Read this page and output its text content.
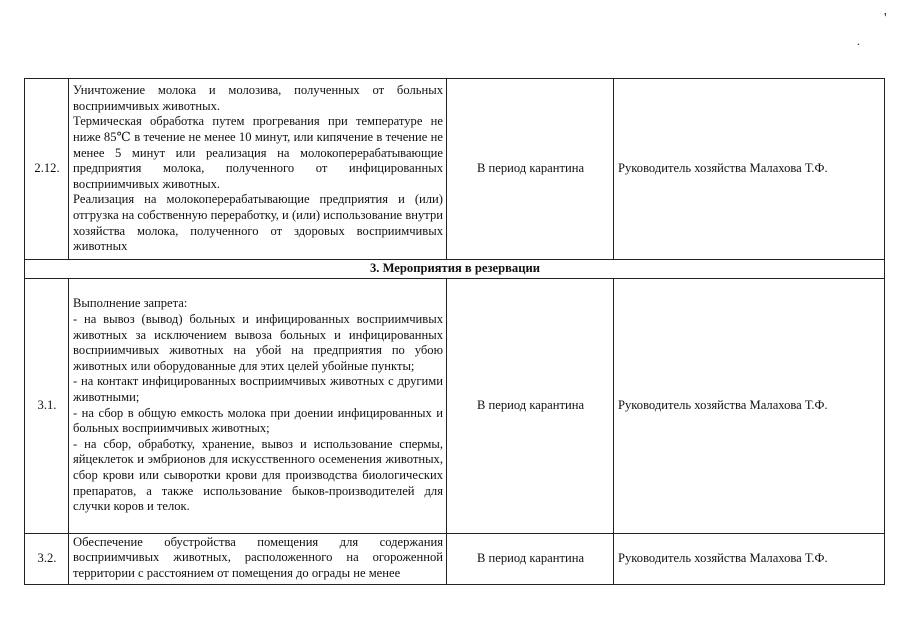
'
.
2.12.	Уничтожение молока и молозива, полученных от больных восприимчивых животных.

Термическая обработка путем прогревания при температуре не ниже 85℃ в течение не менее 10 минут, или кипячение в течение не менее 5 минут или реализация на молокоперерабатывающие предприятия молока, полученного от инфицированных восприимчивых животных.

Реализация на молокоперерабатывающие предприятия и (или) отгрузка на собственную переработку, и (или) использование внутри хозяйства молока, полученного от здоровых восприимчивых животных	В период карантина	Руководитель хозяйства Малахова Т.Ф.
3. Мероприятия в резервации			
3.1.	Выполнение запрета:

- на вывоз (вывод) больных и инфицированных восприимчивых животных за исключением вывоза больных и инфицированных восприимчивых животных на убой на предприятия по убою животных или оборудованные для этих целей убойные пункты;

- на контакт инфицированных восприимчивых животных с другими животными;

- на сбор в общую емкость молока при доении инфицированных и больных восприимчивых животных;

- на сбор, обработку, хранение, вывоз и использование спермы, яйцеклеток и эмбрионов для искусственного осеменения животных, сбор крови или сыворотки крови для производства биологических препаратов, а также использование быков-производителей для случки коров и телок.	В период карантина	Руководитель хозяйства Малахова Т.Ф.
3.2.	Обеспечение обустройства помещения для содержания восприимчивых животных, расположенного на огороженной территории с расстоянием от помещения до ограды не менее	В период карантина	Руководитель хозяйства Малахова Т.Ф.
